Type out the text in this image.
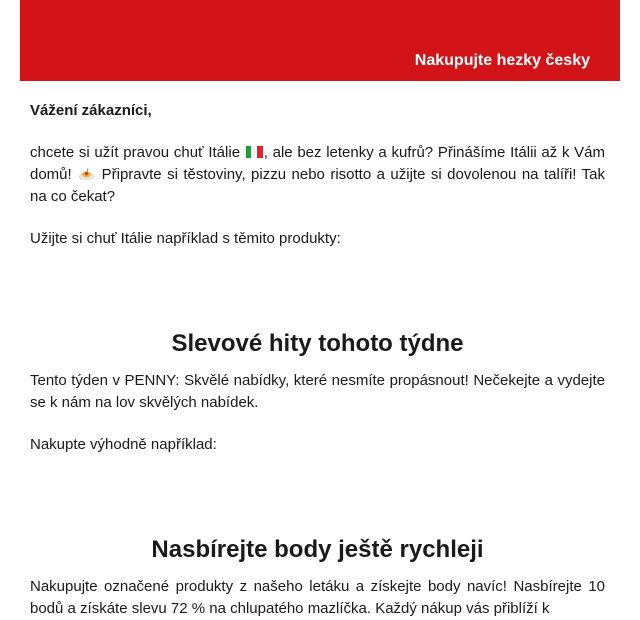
Nakupujte hezky česky

Vážení zákazníci,

chcete si užít pravou chuť Itálie , ale bez letenky a kufrů? Přinášíme Itálii až k Vám domů! Připravte si těstoviny, pizzu nebo risotto a užijte si dovolenou na talíři! Tak na co čekat?

Užijte si chuť Itálie například s těmito produkty:

Slevové hity tohoto týdne

Tento týden v PENNY: Skvělé nabídky, které nesmíte propásnout! Nečekejte a vydejte se k nám na lov skvělých nabídek.

Nakupte výhodně například:

Nasbírejte body ještě rychleji

Nakupujte označené produkty z našeho letáku a získejte body navíc! Nasbírejte 10 bodů a získáte slevu 72 % na chlupatého mazlíčka. Každý nákup vás přiblíží k
